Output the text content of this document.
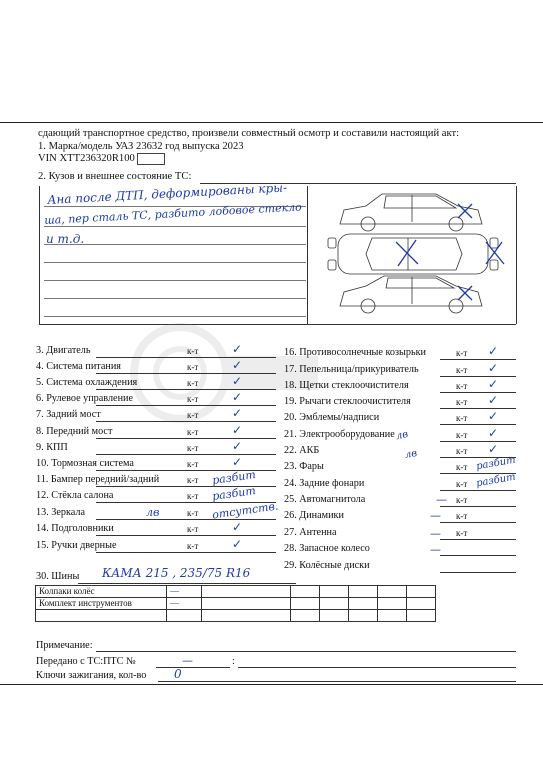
сдающий транспортное средство, произвели совместный осмотр и составили настоящий акт:
1. Марка/модель УАЗ 23632 год выпуска 2023
VIN XTT236320R100
2. Кузов и внешнее состояние ТС:
Ана после ДТП, деформированы кры-
ша, пер сталь ТС, разбито лобовое стекло
и т.д.
лв
лв
лв
—
—
—
—
30. Шины КАМА 215 , 235/75 R16
Колпаки колёс	—						
Комплект инструментов	—						

Примечание:
Передано с ТС:ПТС №	—	:
Ключи зажигания, кол-во 0
3. Двигатель	к-т	✓
4. Система питания	к-т	✓
5. Система охлаждения	к-т	✓
6. Рулевое управление	к-т	✓
7. Задний мост	к-т	✓
8. Передний мост	к-т	✓
9. КПП	к-т	✓
10. Тормозная система	к-т	✓
11. Бампер передний/задний	к-т разбит
12. Стёкла салона	к-т разбит
13. Зеркала	к-т отсутств.
14. Подголовники	к-т	✓
15. Ручки дверные	к-т	✓
16. Противосолнечные козырьки	к-т ✓
17. Пепельница/прикуриватель	к-т ✓
18. Щетки стеклоочистителя	к-т ✓
19. Рычаги стеклоочистителя	к-т ✓
20. Эмблемы/надписи	к-т ✓
21. Электрооборудование	к-т ✓
22. АКБ	к-т ✓
23. Фары	к-т разбит
24. Задние фонари	к-т разбит
25. Автомагнитола	к-т
26. Динамики	к-т
27. Антенна	к-т
28. Запасное колесо
29. Колёсные диски
